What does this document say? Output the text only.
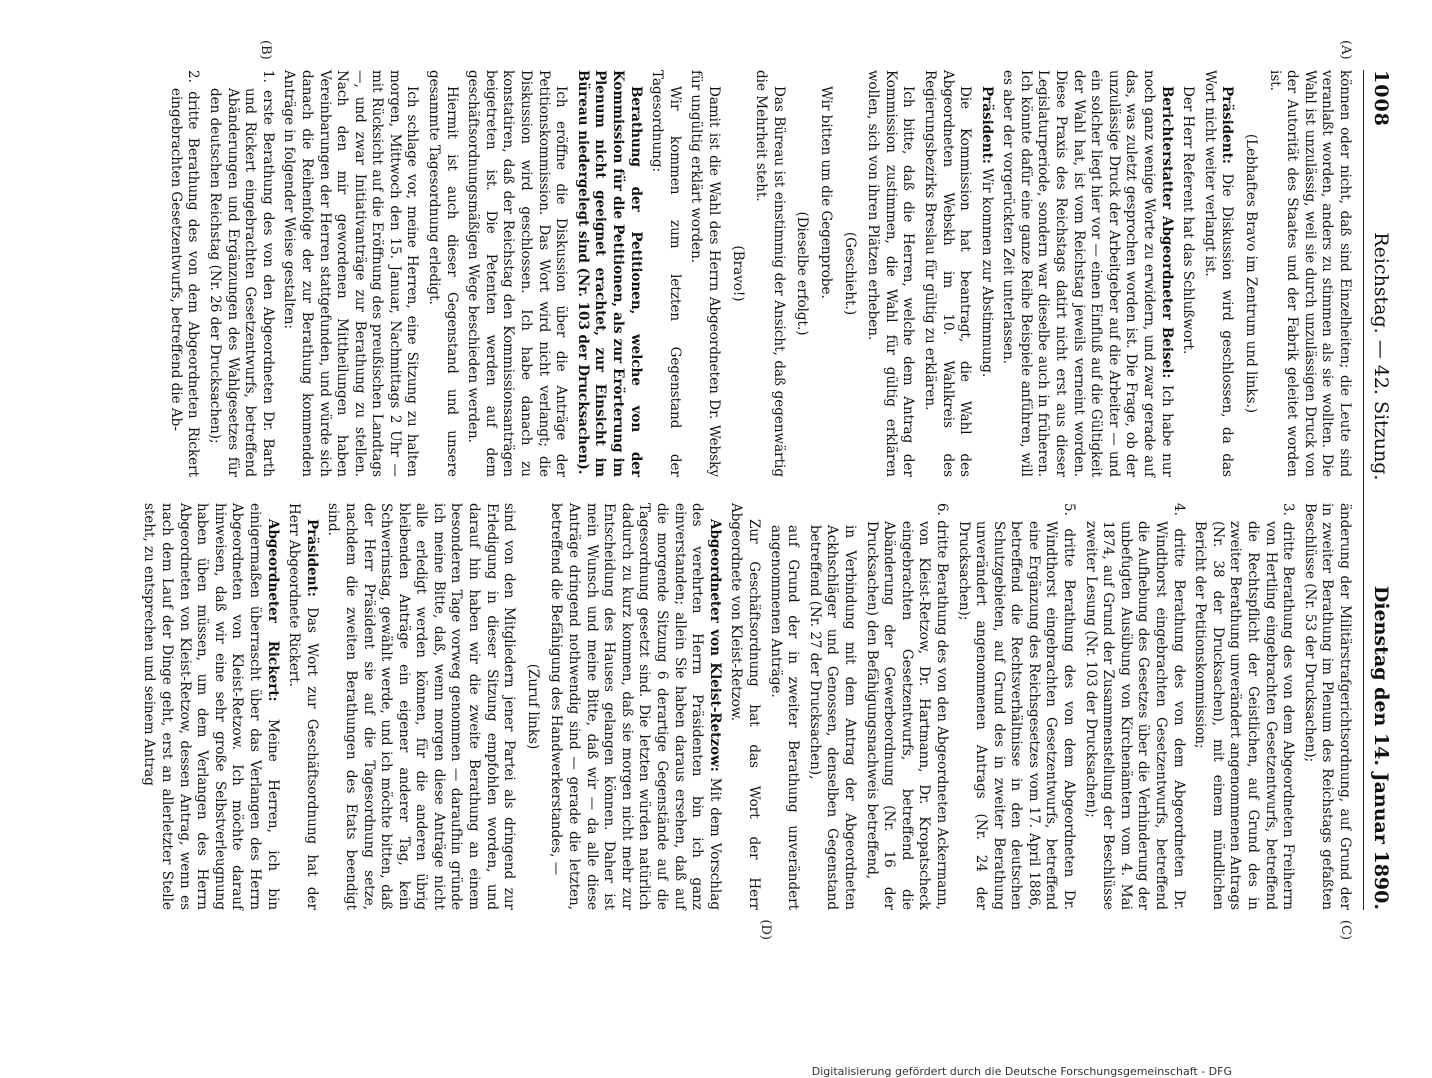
1008
Reichstag. — 42. Sitzung.
Dienstag den 14. Januar 1890.
(A)
(B)
(C)
(D)

können oder nicht, daß sind Einzelheiten; die Leute sind veranlaßt worden, anders zu stimmen als sie wollten. Die Wahl ist unzulässig, weil sie durch unzulässigen Druck von der Autorität des Staates und der Fabrik geleitet worden ist.

(Lebhaftes Bravo im Zentrum und links.)

Präsident: Die Diskussion wird geschlossen, da das Wort nicht weiter verlangt ist.

Der Herr Referent hat das Schlußwort.

Berichterstatter Abgeordneter Beisel: Ich habe nur noch ganz wenige Worte zu erwidern, und zwar gerade auf das, was zuletzt gesprochen worden ist. Die Frage, ob der unzulässige Druck der Arbeitgeber auf die Arbeiter — und ein solcher liegt hier vor — einen Einfluß auf die Gültigkeit der Wahl hat, ist vom Reichstag jeweils verneint worden. Diese Praxis des Reichstags datirt nicht erst aus dieser Legislaturperiode, sondern war dieselbe auch in früheren. Ich könnte dafür eine ganze Reihe Beispiele anführen, will es aber der vorgerückten Zeit unterlassen.

Präsident: Wir kommen zur Abstimmung.

Die Kommission hat beantragt, die Wahl des Abgeordneten Webskh im 10. Wahlkreis des Regierungsbezirks Breslau für gültig zu erklären.

Ich bitte, daß die Herren, welche dem Antrag der Kommission zustimmen, die Wahl für gültig erklären wollen, sich von ihren Plätzen erheben.

(Geschieht.)

Wir bitten um die Gegenprobe.

(Dieselbe erfolgt.)

Das Büreau ist einstimmig der Ansicht, daß gegenwärtig die Mehrheit steht.

(Bravo!)

Damit ist die Wahl des Herrn Abgeordneten Dr. Websky für ungültig erklärt worden.

Wir kommen zum letzten Gegenstand der Tagesordnung:

Berathung der Petitionen, welche von der Kommission für die Petitionen, als zur Erörterung im Plenum nicht geeignet erachtet, zur Einsicht im Büreau niedergelegt sind (Nr. 103 der Drucksachen).

Ich eröffne die Diskussion über die Anträge der Petitionskommission. Das Wort wird nicht verlangt; die Diskussion wird geschlossen. Ich habe danach zu konstatiren, daß der Reichstag den Kommissionsanträgen beigetreten ist. Die Petenten werden auf dem geschäftsordnungsmäßigen Wege beschieden werden.

Hiermit ist auch dieser Gegenstand und unsere gesammte Tagesordnung erledigt.

Ich schlage vor, meine Herren, eine Sitzung zu halten morgen, Mittwoch den 15. Januar, Nachmittags 2 Uhr — mit Rücksicht auf die Eröffnung des preußischen Landtags —, und zwar Initiativanträge zur Berathung zu stellen. Nach den mir gewordenen Mittheilungen haben Vereinbarungen der Herren stattgefunden, und würde sich danach die Reihenfolge der zur Berathung kommenden Anträge in folgender Weise gestalten:

1. erste Berathung des von den Abgeordneten Dr. Barth und Rickert eingebrachten Gesetzentwurfs, betreffend Abänderungen und Ergänzungen des Wahlgesetzes für den deutschen Reichstag (Nr. 26 der Drucksachen);

2. dritte Berathung des von dem Abgeordneten Rickert eingebrachten Gesetzentwurfs, betreffend die Ab-

änderung der Militärstrafgerichtsordnung, auf Grund der in zweiter Berathung im Plenum des Reichstags gefaßten Beschlüsse (Nr. 53 der Drucksachen);

3. dritte Berathung des von dem Abgeordneten Freiherrn von Hertling eingebrachten Gesetzentwurfs, betreffend die Rechtspflicht der Geistlichen, auf Grund des in zweiter Berathung unverändert angenommenen Antrags (Nr. 38 der Drucksachen), mit einem mündlichen Bericht der Petitionskommission;

4. dritte Berathung des von dem Abgeordneten Dr. Windthorst eingebrachten Gesetzentwurfs, betreffend die Aufhebung des Gesetzes über die Verhinderung der unbefugten Ausübung von Kirchenämtern vom 4. Mai 1874, auf Grund der Zusammenstellung der Beschlüsse zweiter Lesung (Nr. 103 der Drucksachen);

5. dritte Berathung des von dem Abgeordneten Dr. Windthorst eingebrachten Gesetzentwurfs, betreffend eine Ergänzung des Reichsgesetzes vom 17. April 1886, betreffend die Rechtsverhältnisse in den deutschen Schutzgebieten, auf Grund des in zweiter Berathung unverändert angenommenen Antrags (Nr. 24 der Drucksachen);

6. dritte Berathung des von den Abgeordneten Ackermann, von Kleist-Retzow, Dr. Hartmann, Dr. Kropatscheck eingebrachten Gesetzentwurfs, betreffend die Abänderung der Gewerbeordnung (Nr. 16 der Drucksachen) den Befähigungsnachweis betreffend,

in Verbindung mit dem Antrag der Abgeordneten Ackhschläger und Genossen, denselben Gegenstand betreffend (Nr. 27 der Drucksachen),

auf Grund der in zweiter Berathung unverändert angenommenen Anträge.

Zur Geschäftsordnung hat das Wort der Herr Abgeordnete von Kleist-Retzow.

Abgeordneter von Kleist-Retzow: Mit dem Vorschlag des verehrten Herrn Präsidenten bin ich ganz einverstanden; allein Sie haben daraus ersehen, daß auf die morgende Sitzung 6 derartige Gegenstände auf die Tagesordnung gesetzt sind. Die letzten würden natürlich dadurch zu kurz kommen, daß sie morgen nicht mehr zur Entscheidung des Hauses gelangen können. Daher ist mein Wunsch und meine Bitte, daß wir — da alle diese Anträge dringend nothwendig sind — gerade die letzten, betreffend die Befähigung des Handwerkerstandes, —

(Zuruf links)

sind von den Mitgliedern jener Partei als dringend zur Erledigung in dieser Sitzung empfohlen worden, und darauf hin haben wir die zweite Berathung an einem besonderen Tage vorweg genommen — daraufhin gründe ich meine Bitte, daß, wenn morgen diese Anträge nicht alle erledigt werden können, für die anderen übrig bleibenden Anträge ein eigener anderer Tag, kein Schwerinstag, gewählt werde, und ich möchte bitten, daß der Herr Präsident sie auf die Tagesordnung setze, nachdem die zweiten Berathungen des Etats beendigt sind.

Präsident: Das Wort zur Geschäftsordnung hat der Herr Abgeordnete Rickert.

Abgeordneter Rickert: Meine Herren, ich bin einigermaßen überrascht über das Verlangen des Herrn Abgeordneten von Kleist-Retzow. Ich möchte darauf hinweisen, daß wir eine sehr große Selbstverleugnung haben üben müssen, um dem Verlangen des Herrn Abgeordneten von Kleist-Retzow, dessen Antrag, wenn es nach dem Lauf der Dinge geht, erst an allerletzter Stelle steht, zu entsprechen und seinem Antrag

Digitalisierung gefördert durch die Deutsche Forschungsgemeinschaft - DFG
